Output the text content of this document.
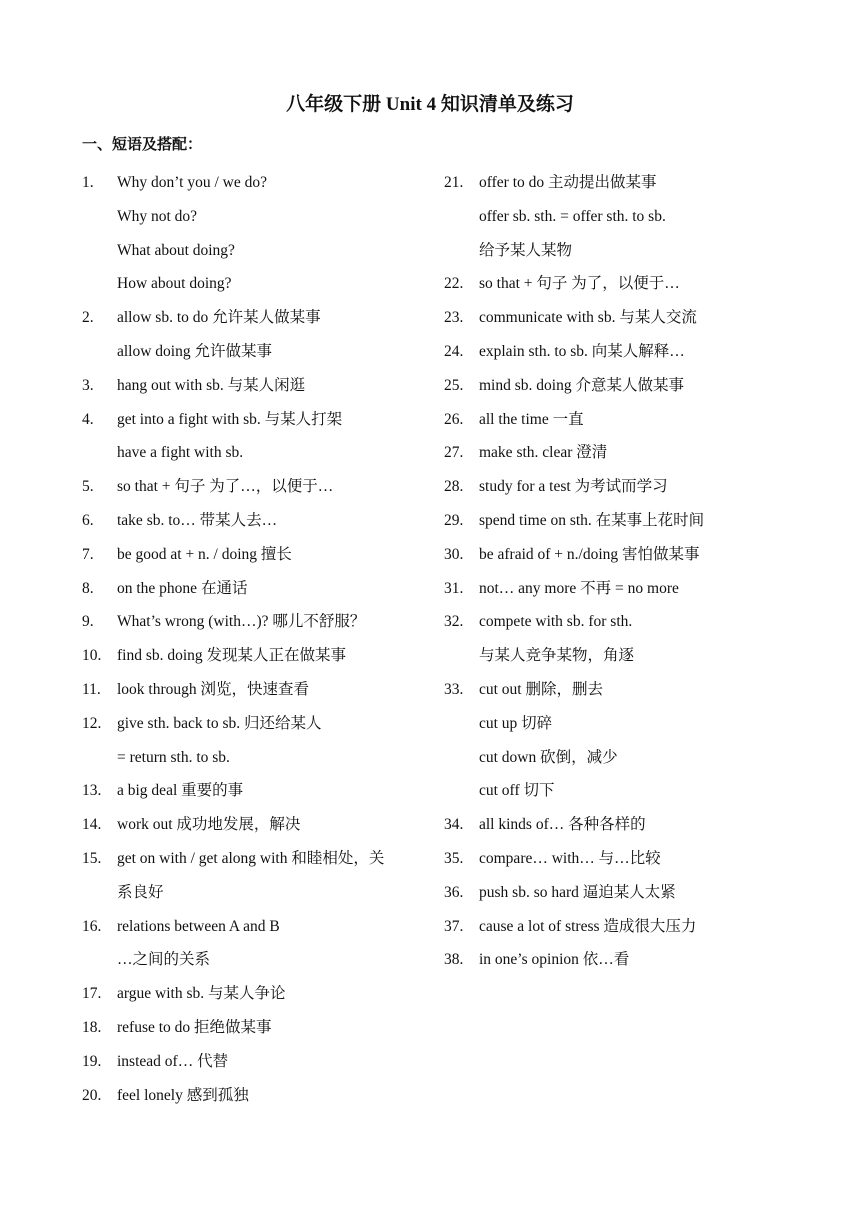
八年级下册 Unit 4 知识清单及练习
一、短语及搭配：
1.	Why don’t you / we do?
Why not do?
What about doing?
How about doing?
2.	allow sb. to do 允许某人做某事
allow doing 允许做某事
3.	hang out with sb. 与某人闲逛
4.	get into a fight with sb. 与某人打架
have a fight with sb.
5.	so that + 句子 为了…，以便于…
6.	take sb. to… 带某人去…
7.	be good at + n. / doing 擅长
8.	on the phone 在通话
9.	What’s wrong (with…)? 哪儿不舒服？
10.	find sb. doing 发现某人正在做某事
11.	look through 浏览，快速查看
12.	give sth. back to sb. 归还给某人
= return sth. to sb.
13.	a big deal 重要的事
14.	work out 成功地发展，解决
15.	get on with / get along with 和睦相处，关
系良好
16.	relations between A and B
…之间的关系
17.	argue with sb. 与某人争论
18.	refuse to do 拒绝做某事
19.	instead of… 代替
20.	feel lonely 感到孤独
21.	offer to do 主动提出做某事
offer sb. sth. = offer sth. to sb.
给予某人某物
22.	so that + 句子 为了，以便于…
23.	communicate with sb. 与某人交流
24.	explain sth. to sb. 向某人解释…
25.	mind sb. doing 介意某人做某事
26.	all the time 一直
27.	make sth. clear 澄清
28.	study for a test 为考试而学习
29.	spend time on sth. 在某事上花时间
30.	be afraid of + n./doing 害怕做某事
31.	not… any more 不再 = no more
32.	compete with sb. for sth.
与某人竞争某物，角逐
33.	cut out 删除，删去
cut up 切碎
cut down 砍倒，减少
cut off 切下
34.	all kinds of… 各种各样的
35.	compare… with… 与…比较
36.	push sb. so hard 逼迫某人太紧
37.	cause a lot of stress 造成很大压力
38.	in one’s opinion 依…看
